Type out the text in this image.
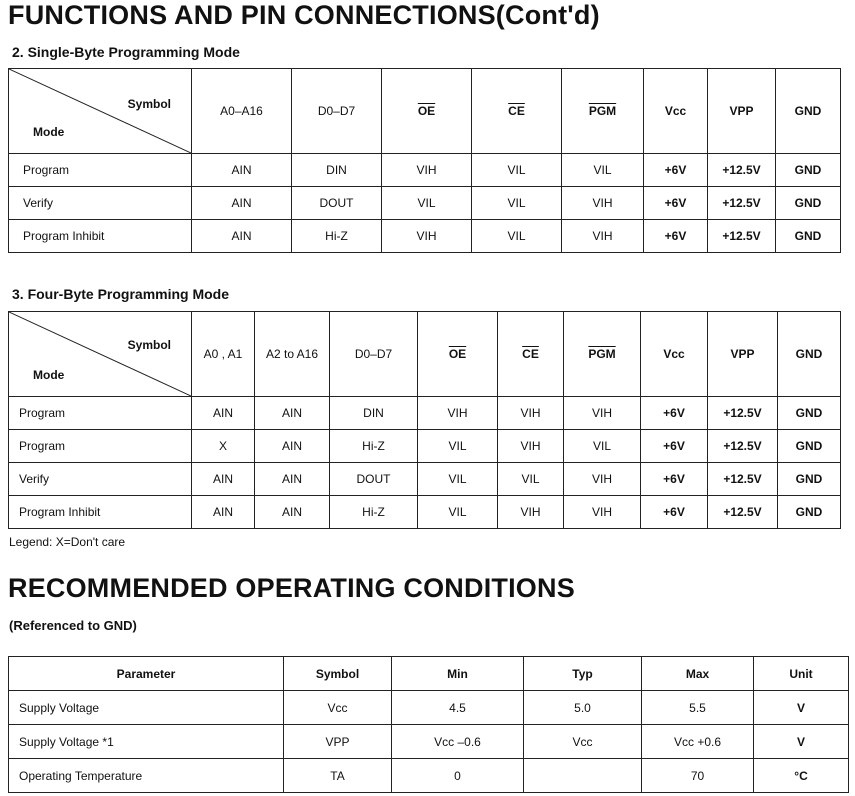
FUNCTIONS AND PIN CONNECTIONS(Cont'd)
2. Single-Byte Programming Mode
Symbol
Mode	A0–A16	D0–D7	$\overline{OE}$	$\overline{CE}$	$\overline{PGM}$	Vcc	VPP	GND
Program	AIN	DIN	VIH	VIL	VIL	+6V	+12.5V	GND
Verify	AIN	DOUT	VIL	VIL	VIH	+6V	+12.5V	GND
Program Inhibit	AIN	Hi-Z	VIH	VIL	VIH	+6V	+12.5V	GND
3. Four-Byte Programming Mode
Symbol
Mode	A0 , A1	A2 to A16	D0–D7	$\overline{OE}$	$\overline{CE}$	$\overline{PGM}$	Vcc	VPP	GND
Program	AIN	AIN	DIN	VIH	VIH	VIH	+6V	+12.5V	GND
Program	X	AIN	Hi-Z	VIL	VIH	VIL	+6V	+12.5V	GND
Verify	AIN	AIN	DOUT	VIL	VIL	VIH	+6V	+12.5V	GND
Program Inhibit	AIN	AIN	Hi-Z	VIL	VIH	VIH	+6V	+12.5V	GND
Legend: X=Don't care
RECOMMENDED OPERATING CONDITIONS
(Referenced to GND)
Parameter	Symbol	Min	Typ	Max	Unit
Supply Voltage	Vcc	4.5	5.0	5.5	V
Supply Voltage *1	VPP	Vcc –0.6	Vcc	Vcc +0.6	V
Operating Temperature	TA	0		70	°C
